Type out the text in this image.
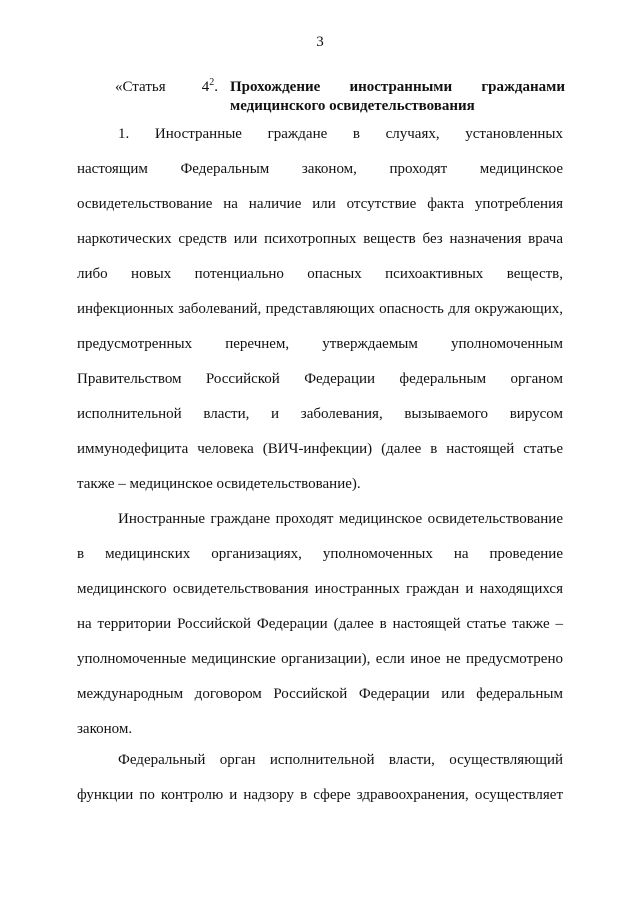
3
«Статья $4^2$. Прохождение иностранными гражданами
медицинского освидетельствования
1. Иностранные граждане в случаях, установленных
настоящим Федеральным законом, проходят медицинское
освидетельствование на наличие или отсутствие факта употребления
наркотических средств или психотропных веществ без назначения врача
либо новых потенциально опасных психоактивных веществ,
инфекционных заболеваний, представляющих опасность для окружающих,
предусмотренных перечнем, утверждаемым уполномоченным
Правительством Российской Федерации федеральным органом
исполнительной власти, и заболевания, вызываемого вирусом
иммунодефицита человека (ВИЧ-инфекции) (далее в настоящей статье
также – медицинское освидетельствование).
Иностранные граждане проходят медицинское освидетельствование
в медицинских организациях, уполномоченных на проведение
медицинского освидетельствования иностранных граждан и находящихся
на территории Российской Федерации (далее в настоящей статье также –
уполномоченные медицинские организации), если иное не предусмотрено
международным договором Российской Федерации или федеральным
законом.
Федеральный орган исполнительной власти, осуществляющий
функции по контролю и надзору в сфере здравоохранения, осуществляет
